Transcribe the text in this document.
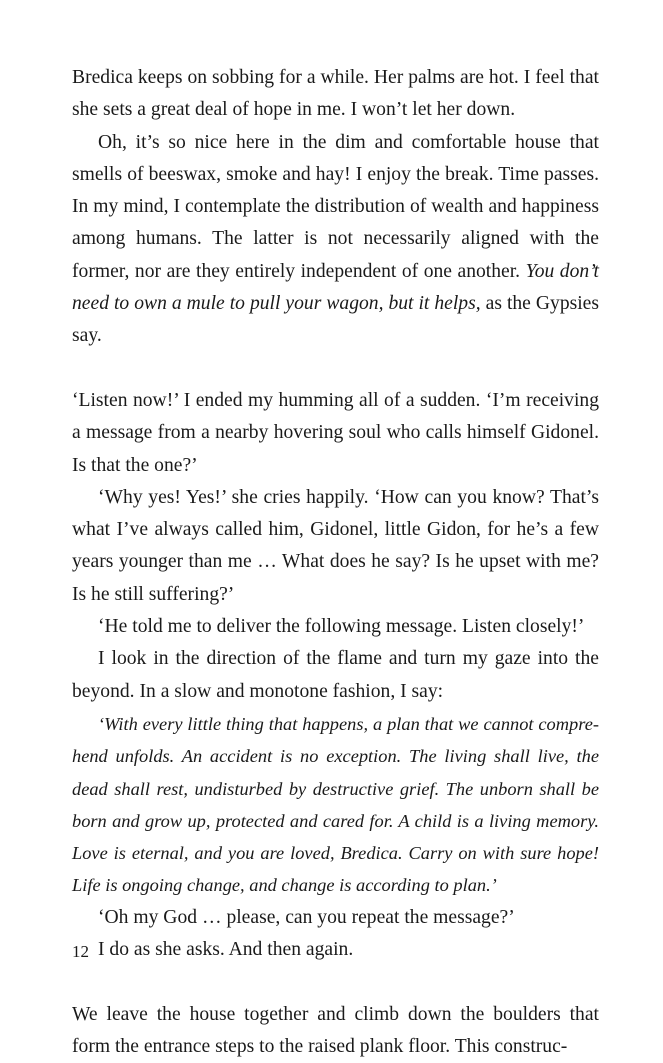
Bredica keeps on sobbing for a while. Her palms are hot. I feel that she sets a great deal of hope in me. I won’t let her down.

Oh, it’s so nice here in the dim and comfortable house that smells of beeswax, smoke and hay! I enjoy the break. Time passes. In my mind, I contemplate the distribution of wealth and happiness among humans. The latter is not necessarily aligned with the former, nor are they entirely independent of one another. You don’t need to own a mule to pull your wagon, but it helps, as the Gypsies say.

‘Listen now!’ I ended my humming all of a sudden. ‘I’m receiving a message from a nearby hovering soul who calls himself Gidonel. Is that the one?’

‘Why yes! Yes!’ she cries happily. ‘How can you know? That’s what I’ve always called him, Gidonel, little Gidon, for he’s a few years younger than me … What does he say? Is he upset with me? Is he still suffering?’

‘He told me to deliver the following message. Listen closely!’

I look in the direction of the flame and turn my gaze into the beyond. In a slow and monotone fashion, I say:

‘With every little thing that happens, a plan that we cannot comprehend unfolds. An accident is no exception. The living shall live, the dead shall rest, undisturbed by destructive grief. The unborn shall be born and grow up, protected and cared for. A child is a living memory. Love is eternal, and you are loved, Bredica. Carry on with sure hope! Life is ongoing change, and change is according to plan.’

‘Oh my God … please, can you repeat the message?’

I do as she asks. And then again.

We leave the house together and climb down the boulders that form the entrance steps to the raised plank floor. This construc-

12
